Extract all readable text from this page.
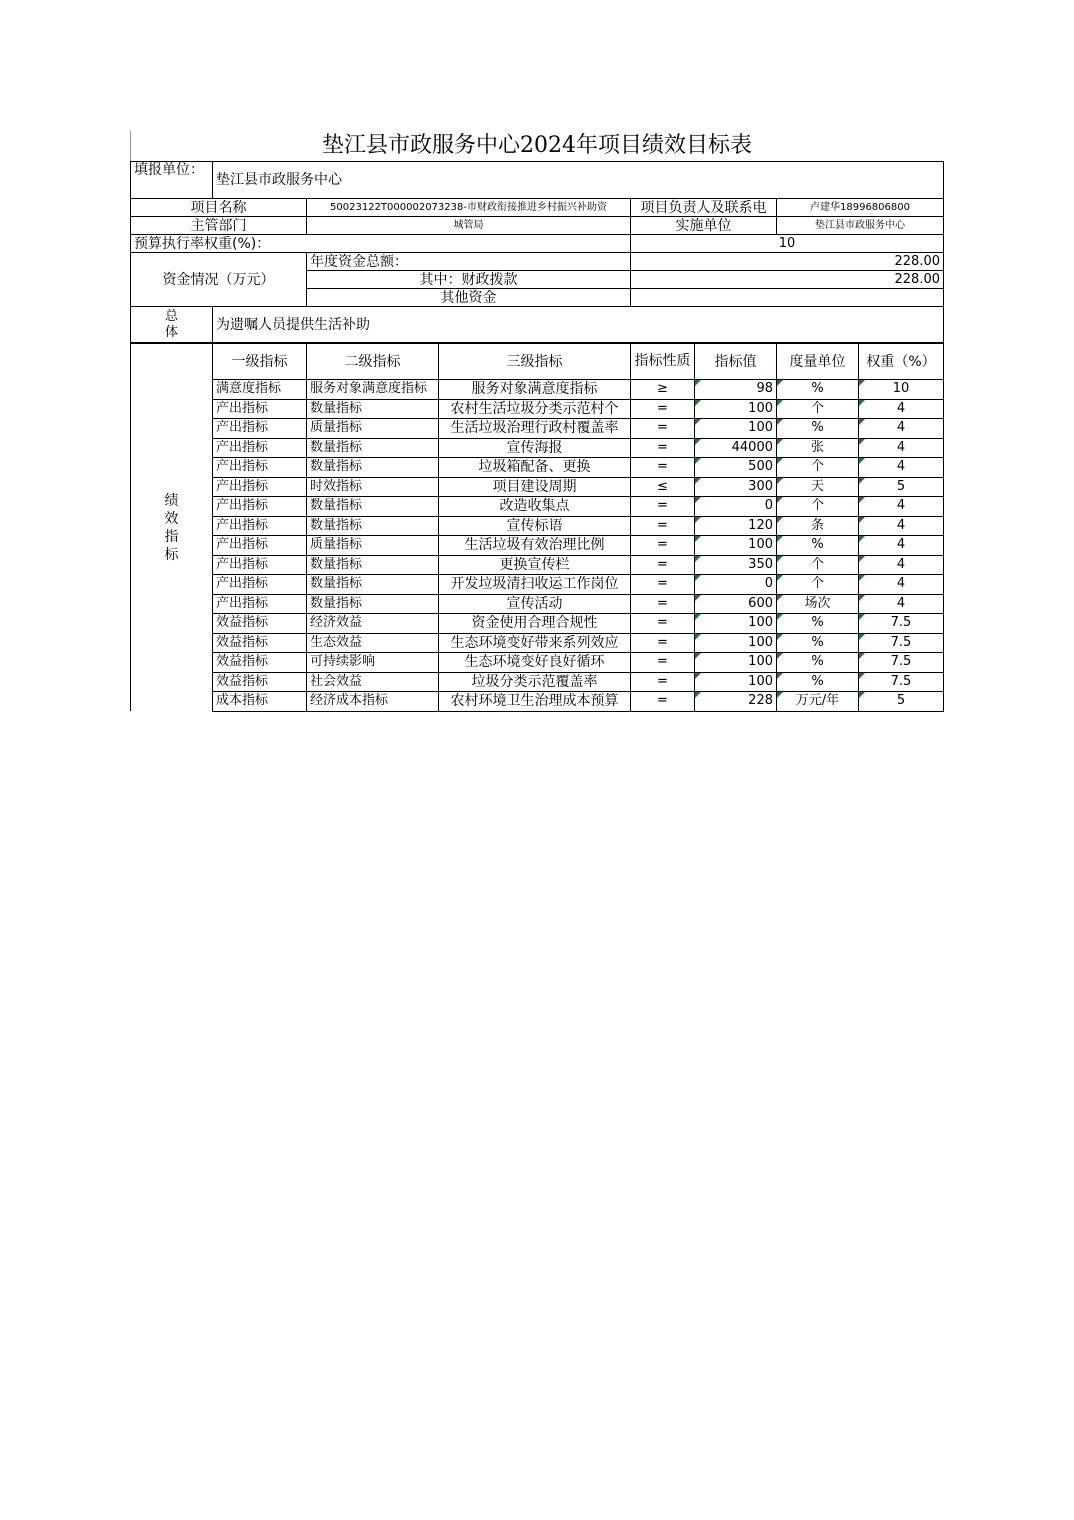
垫江县市政服务中心2024年项目绩效目标表
填报单位：	垫江县市政服务中心			
项目名称		50023122T000002073238-市财政衔接推进乡村振兴补助资	项目负责人及联系电	卢建华18996806800
主管部门		城管局	实施单位	垫江县市政服务中心
预算执行率权重(%)：			10	
资金情况（万元）		年度资金总额：	228.00	
		其中：财政拨款	228.00	
		其他资金		
总体	为遗嘱人员提供生活补助			
绩效指标	一级指标	二级指标	三级指标	指标性质	指标值	度量单位	权重（%）
	满意度指标	服务对象满意度指标	服务对象满意度指标	≥	98	%	10
	产出指标	数量指标	农村生活垃圾分类示范村个	=	100	个	4
	产出指标	质量指标	生活垃圾治理行政村覆盖率	=	100	%	4
	产出指标	数量指标	宣传海报	=	44000	张	4
	产出指标	数量指标	垃圾箱配备、更换	=	500	个	4
	产出指标	时效指标	项目建设周期	≤	300	天	5
	产出指标	数量指标	改造收集点	=	0	个	4
	产出指标	数量指标	宣传标语	=	120	条	4
	产出指标	质量指标	生活垃圾有效治理比例	=	100	%	4
	产出指标	数量指标	更换宣传栏	=	350	个	4
	产出指标	数量指标	开发垃圾清扫收运工作岗位	=	0	个	4
	产出指标	数量指标	宣传活动	=	600	场次	4
	效益指标	经济效益	资金使用合理合规性	=	100	%	7.5
	效益指标	生态效益	生态环境变好带来系列效应	=	100	%	7.5
	效益指标	可持续影响	生态环境变好良好循环	=	100	%	7.5
	效益指标	社会效益	垃圾分类示范覆盖率	=	100	%	7.5
	成本指标	经济成本指标	农村环境卫生治理成本预算	=	228	万元/年	5
